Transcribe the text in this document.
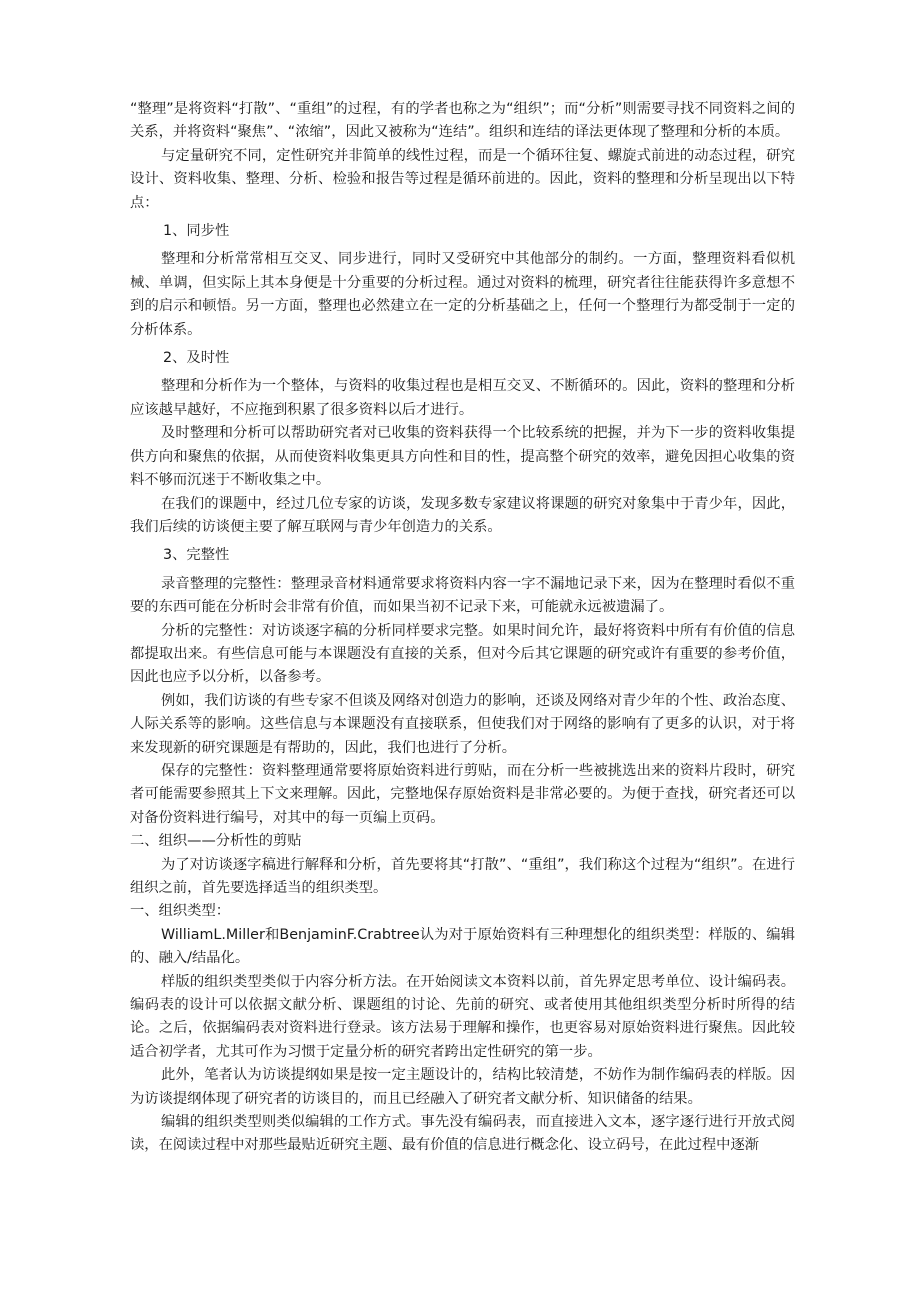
“整理”是将资料“打散”、“重组”的过程，有的学者也称之为“组织”；而“分析”则需要寻找不同资料之间的关系，并将资料“聚焦”、“浓缩”，因此又被称为“连结”。组织和连结的译法更体现了整理和分析的本质。

与定量研究不同，定性研究并非简单的线性过程，而是一个循环往复、螺旋式前进的动态过程，研究设计、资料收集、整理、分析、检验和报告等过程是循环前进的。因此，资料的整理和分析呈现出以下特点：

1、同步性

整理和分析常常相互交叉、同步进行，同时又受研究中其他部分的制约。一方面，整理资料看似机械、单调，但实际上其本身便是十分重要的分析过程。通过对资料的梳理，研究者往往能获得许多意想不到的启示和顿悟。另一方面，整理也必然建立在一定的分析基础之上，任何一个整理行为都受制于一定的分析体系。

2、及时性

整理和分析作为一个整体，与资料的收集过程也是相互交叉、不断循环的。因此，资料的整理和分析应该越早越好，不应拖到积累了很多资料以后才进行。

及时整理和分析可以帮助研究者对已收集的资料获得一个比较系统的把握，并为下一步的资料收集提供方向和聚焦的依据，从而使资料收集更具方向性和目的性，提高整个研究的效率，避免因担心收集的资料不够而沉迷于不断收集之中。

在我们的课题中，经过几位专家的访谈，发现多数专家建议将课题的研究对象集中于青少年，因此，我们后续的访谈便主要了解互联网与青少年创造力的关系。

3、完整性

录音整理的完整性：整理录音材料通常要求将资料内容一字不漏地记录下来，因为在整理时看似不重要的东西可能在分析时会非常有价值，而如果当初不记录下来，可能就永远被遗漏了。

分析的完整性：对访谈逐字稿的分析同样要求完整。如果时间允许，最好将资料中所有有价值的信息都提取出来。有些信息可能与本课题没有直接的关系，但对今后其它课题的研究或许有重要的参考价值，因此也应予以分析，以备参考。

例如，我们访谈的有些专家不但谈及网络对创造力的影响，还谈及网络对青少年的个性、政治态度、人际关系等的影响。这些信息与本课题没有直接联系，但使我们对于网络的影响有了更多的认识，对于将来发现新的研究课题是有帮助的，因此，我们也进行了分析。

保存的完整性：资料整理通常要将原始资料进行剪贴，而在分析一些被挑选出来的资料片段时，研究者可能需要参照其上下文来理解。因此，完整地保存原始资料是非常必要的。为便于查找，研究者还可以对备份资料进行编号，对其中的每一页编上页码。

二、组织——分析性的剪贴

为了对访谈逐字稿进行解释和分析，首先要将其“打散”、“重组”，我们称这个过程为“组织”。在进行组织之前，首先要选择适当的组织类型。

一、组织类型：

WilliamL.Miller和BenjaminF.Crabtree认为对于原始资料有三种理想化的组织类型：样版的、编辑的、融入/结晶化。

样版的组织类型类似于内容分析方法。在开始阅读文本资料以前，首先界定思考单位、设计编码表。编码表的设计可以依据文献分析、课题组的讨论、先前的研究、或者使用其他组织类型分析时所得的结论。之后，依据编码表对资料进行登录。该方法易于理解和操作，也更容易对原始资料进行聚焦。因此较适合初学者，尤其可作为习惯于定量分析的研究者跨出定性研究的第一步。

此外，笔者认为访谈提纲如果是按一定主题设计的，结构比较清楚，不妨作为制作编码表的样版。因为访谈提纲体现了研究者的访谈目的，而且已经融入了研究者文献分析、知识储备的结果。

编辑的组织类型则类似编辑的工作方式。事先没有编码表，而直接进入文本，逐字逐行进行开放式阅读，在阅读过程中对那些最贴近研究主题、最有价值的信息进行概念化、设立码号，在此过程中逐渐
